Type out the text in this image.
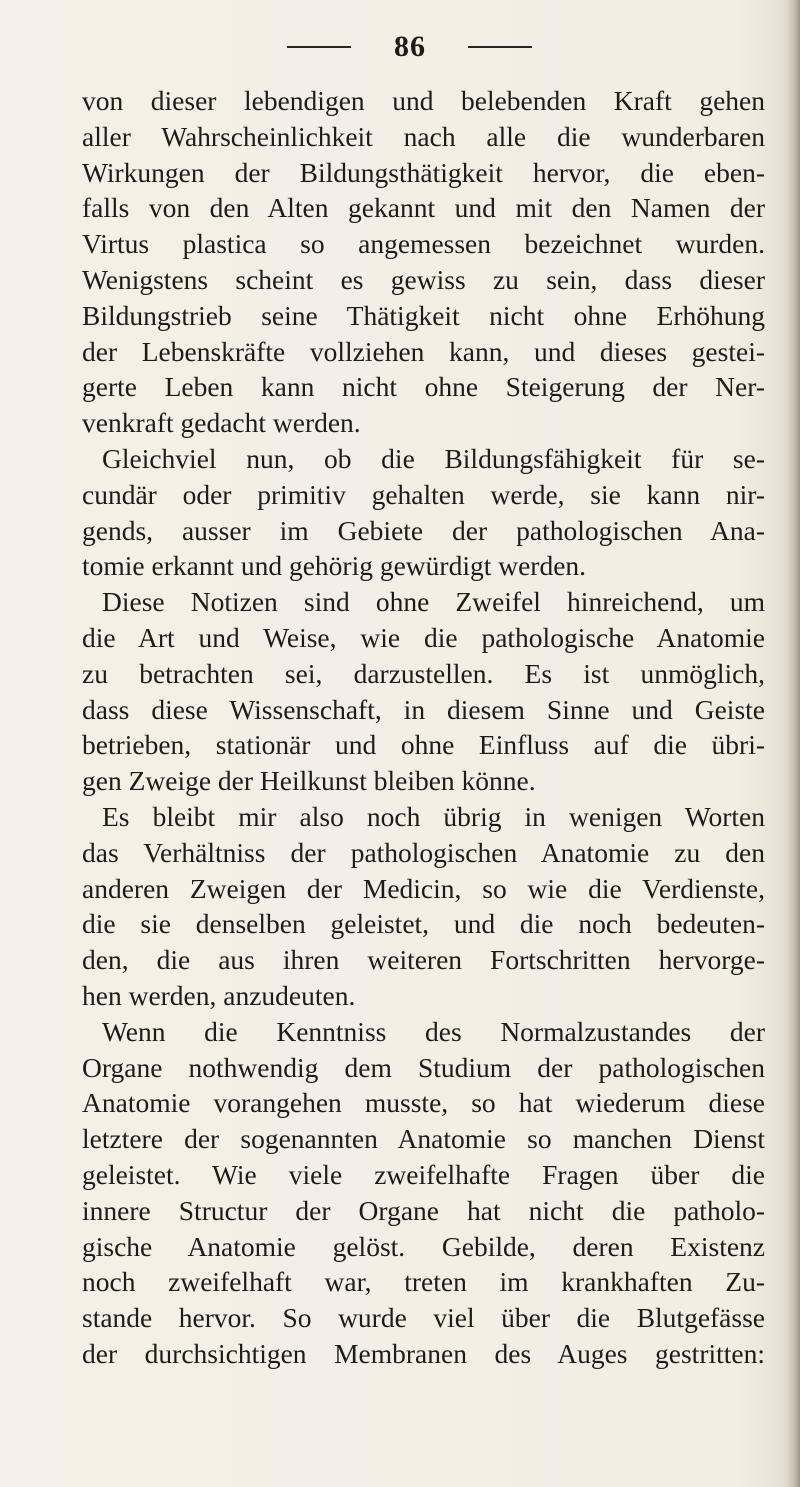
86
von dieser lebendigen und belebenden Kraft gehen
aller Wahrscheinlichkeit nach alle die wunderbaren
Wirkungen der Bildungsthätigkeit hervor, die eben-
falls von den Alten gekannt und mit den Namen der
Virtus plastica so angemessen bezeichnet wurden.
Wenigstens scheint es gewiss zu sein, dass dieser
Bildungstrieb seine Thätigkeit nicht ohne Erhöhung
der Lebenskräfte vollziehen kann, und dieses gestei-
gerte Leben kann nicht ohne Steigerung der Ner-
venkraft gedacht werden.
Gleichviel nun, ob die Bildungsfähigkeit für se-
cundär oder primitiv gehalten werde, sie kann nir-
gends, ausser im Gebiete der pathologischen Ana-
tomie erkannt und gehörig gewürdigt werden.
Diese Notizen sind ohne Zweifel hinreichend, um
die Art und Weise, wie die pathologische Anatomie
zu betrachten sei, darzustellen. Es ist unmöglich,
dass diese Wissenschaft, in diesem Sinne und Geiste
betrieben, stationär und ohne Einfluss auf die übri-
gen Zweige der Heilkunst bleiben könne.
Es bleibt mir also noch übrig in wenigen Worten
das Verhältniss der pathologischen Anatomie zu den
anderen Zweigen der Medicin, so wie die Verdienste,
die sie denselben geleistet, und die noch bedeuten-
den, die aus ihren weiteren Fortschritten hervorge-
hen werden, anzudeuten.
Wenn die Kenntniss des Normalzustandes der
Organe nothwendig dem Studium der pathologischen
Anatomie vorangehen musste, so hat wiederum diese
letztere der sogenannten Anatomie so manchen Dienst
geleistet. Wie viele zweifelhafte Fragen über die
innere Structur der Organe hat nicht die patholo-
gische Anatomie gelöst. Gebilde, deren Existenz
noch zweifelhaft war, treten im krankhaften Zu-
stande hervor. So wurde viel über die Blutgefässe
der durchsichtigen Membranen des Auges gestritten:
